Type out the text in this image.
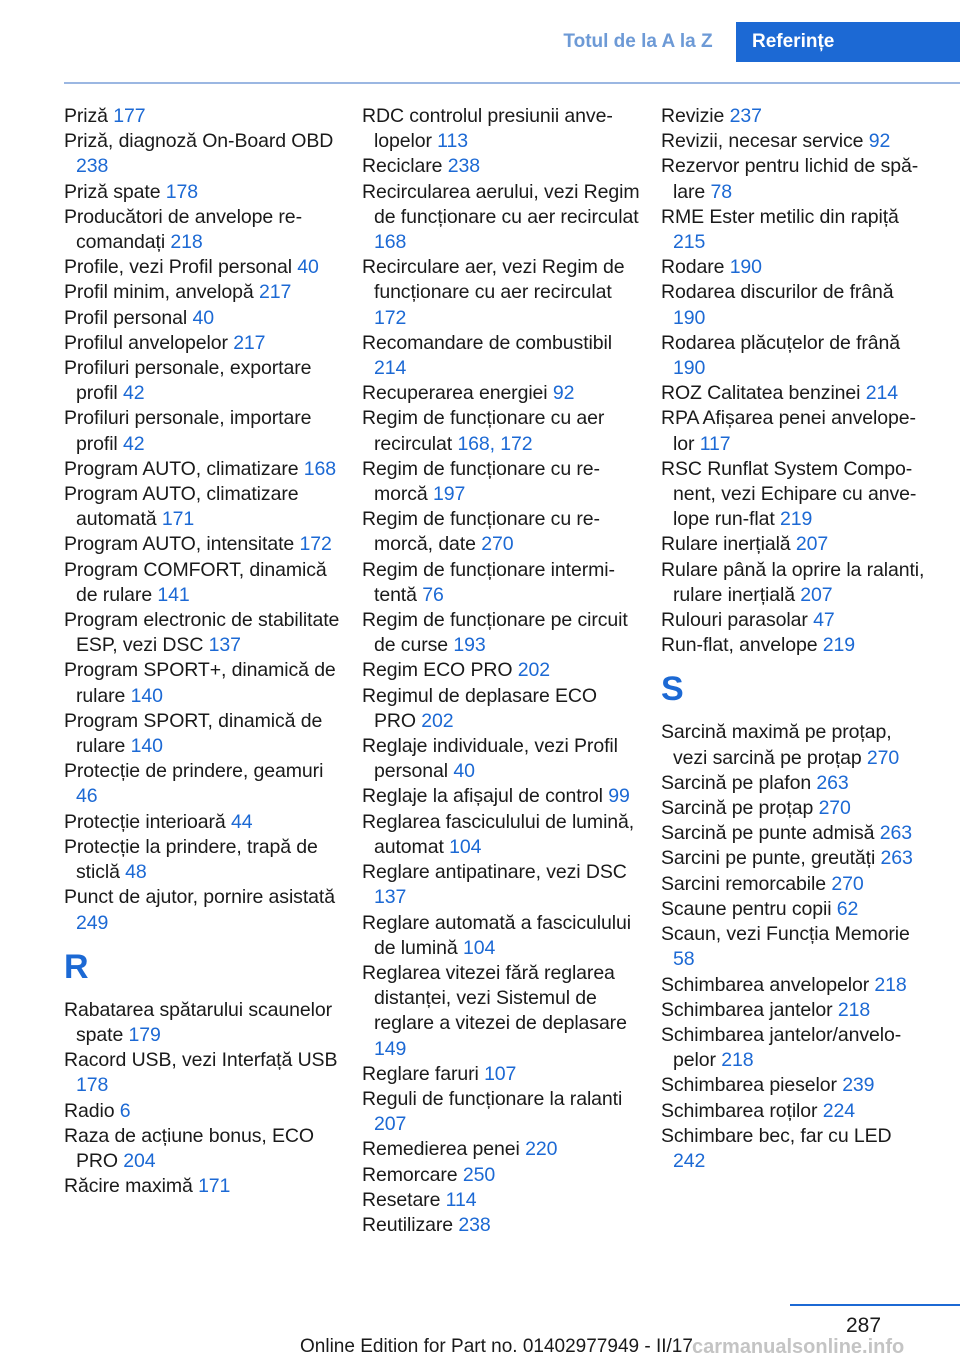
Totul de la A la Z	Referințe
Priză 177
Priză, diagnoză On-Board OBD 238
Priză spate 178
Producători de anvelope recomandați 218
Profile, vezi Profil personal 40
Profil minim, anvelopă 217
Profil personal 40
Profilul anvelopelor 217
Profiluri personale, exportare profil 42
Profiluri personale, importare profil 42
Program AUTO, climatizare 168
Program AUTO, climatizare automată 171
Program AUTO, intensitate 172
Program COMFORT, dinamică de rulare 141
Program electronic de stabilitate ESP, vezi DSC 137
Program SPORT+, dinamică de rulare 140
Program SPORT, dinamică de rulare 140
Protecție de prindere, geamuri 46
Protecție interioară 44
Protecție la prindere, trapă de sticlă 48
Punct de ajutor, pornire asistată 249
R
Rabatarea spătarului scaunelor spate 179
Racord USB, vezi Interfață USB 178
Radio 6
Raza de acțiune bonus, ECO PRO 204
Răcire maximă 171
RDC controlul presiunii anvelopelor 113
Reciclare 238
Recircularea aerului, vezi Regim de funcționare cu aer recirculat 168
Recirculare aer, vezi Regim de funcționare cu aer recirculat 172
Recomandare de combustibil 214
Recuperarea energiei 92
Regim de funcționare cu aer recirculat 168, 172
Regim de funcționare cu remorcă 197
Regim de funcționare cu remorcă, date 270
Regim de funcționare intermitentă 76
Regim de funcționare pe circuit de curse 193
Regim ECO PRO 202
Regimul de deplasare ECO PRO 202
Reglaje individuale, vezi Profil personal 40
Reglaje la afișajul de control 99
Reglarea fasciculului de lumină, automat 104
Reglare antipatinare, vezi DSC 137
Reglare automată a fasciculului de lumină 104
Reglarea vitezei fără reglarea distanței, vezi Sistemul de reglare a vitezei de deplasare 149
Reglare faruri 107
Reguli de funcționare la ralanti 207
Remedierea penei 220
Remorcare 250
Resetare 114
Reutilizare 238
Revizie 237
Revizii, necesar service 92
Rezervor pentru lichid de spălare 78
RME Ester metilic din rapiță 215
Rodare 190
Rodarea discurilor de frână 190
Rodarea plăcuțelor de frână 190
ROZ Calitatea benzinei 214
RPA Afișarea penei anvelopelor 117
RSC Runflat System Component, vezi Echipare cu anvelope run-flat 219
Rulare inerțială 207
Rulare până la oprire la ralanti, rulare inerțială 207
Rulouri parasolar 47
Run-flat, anvelope 219
S
Sarcină maximă pe proțap, vezi sarcină pe proțap 270
Sarcină pe plafon 263
Sarcină pe proțap 270
Sarcină pe punte admisă 263
Sarcini pe punte, greutăți 263
Sarcini remorcabile 270
Scaune pentru copii 62
Scaun, vezi Funcția Memorie 58
Schimbarea anvelopelor 218
Schimbarea jantelor 218
Schimbarea jantelor/anvelopelor 218
Schimbarea pieselor 239
Schimbarea roților 224
Schimbare bec, far cu LED 242
287
Online Edition for Part no. 01402977949 - II/17 carmanualsonline.info
